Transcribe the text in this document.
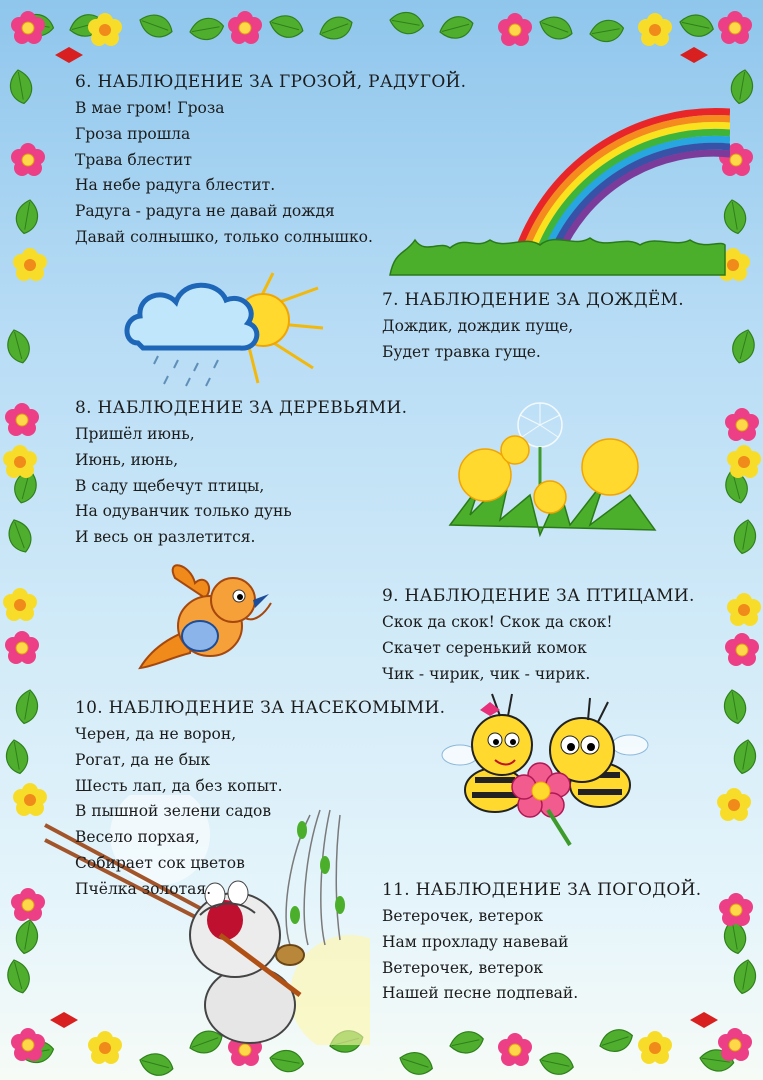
6. НАБЛЮДЕНИЕ ЗА ГРОЗОЙ, РАДУГОЙ.
В мае гром! Гроза
Гроза прошла
Трава блестит
На небе радуга блестит.
Радуга - радуга не давай дождя
Давай солнышко, только солнышко.
7. НАБЛЮДЕНИЕ ЗА ДОЖДЁМ.
Дождик, дождик пуще,
Будет травка гуще.
8. НАБЛЮДЕНИЕ ЗА ДЕРЕВЬЯМИ.
Пришёл июнь,
Июнь, июнь,
В саду щебечут птицы,
На одуванчик только дунь
И весь он разлетится.
9. НАБЛЮДЕНИЕ ЗА ПТИЦАМИ.
Скок да скок! Скок да скок!
Скачет серенький комок
Чик - чирик, чик - чирик.
10. НАБЛЮДЕНИЕ ЗА НАСЕКОМЫМИ.
Черен, да не ворон,
Рогат, да не бык
Шесть лап, да без копыт.
В пышной зелени садов
Весело порхая,
Собирает сок цветов
Пчёлка золотая.	11. НАБЛЮДЕНИЕ ЗА ПОГОДОЙ.
Ветерочек, ветерок
Нам прохладу навевай
Ветерочек, ветерок
Нашей песне подпевай.
